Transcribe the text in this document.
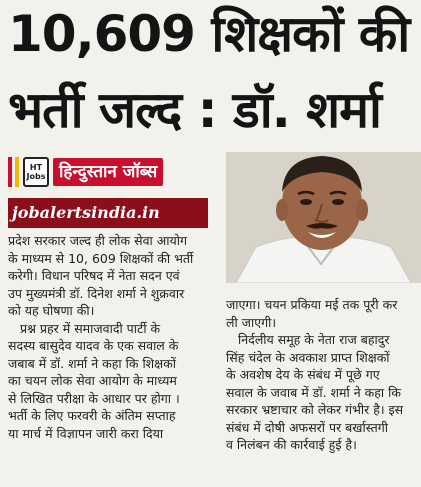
10,609 शिक्षकों की
भर्ती जल्द : डॉ. शर्मा
HT Jobs हिन्दुस्तान जॉब्स
jobalertsindia.in
प्रदेश सरकार जल्द ही लोक सेवा आयोग
के माध्यम से 10, 609 शिक्षकों की भर्ती
करेगी। विधान परिषद में नेता सदन एवं
उप मुख्यमंत्री डॉ. दिनेश शर्मा ने शुक्रवार
को यह घोषणा की।
प्रश्न प्रहर में समाजवादी पार्टी के
सदस्य बासुदेव यादव के एक सवाल के
जबाब में डॉ. शर्मा ने कहा कि शिक्षकों
का चयन लोक सेवा आयोग के माध्यम
से लिखित परीक्षा के आधार पर होगा ।
भर्ती के लिए फरवरी के अंतिम सप्ताह
या मार्च में विज्ञापन जारी करा दिया
जाएगा। चयन प्रकिया मई तक पूरी कर
ली जाएगी।
निर्दलीय समूह के नेता राज बहादुर
सिंह चंदेल के अवकाश प्राप्त शिक्षकों
के अवशेष देय के संबंध में पूछे गए
सवाल के जवाब में डॉ. शर्मा ने कहा कि
सरकार भ्रष्टाचार को लेकर गंभीर है। इस
संबंध में दोषी अफसरों पर बर्खास्तगी
व निलंबन की कार्रवाई हुई है।
